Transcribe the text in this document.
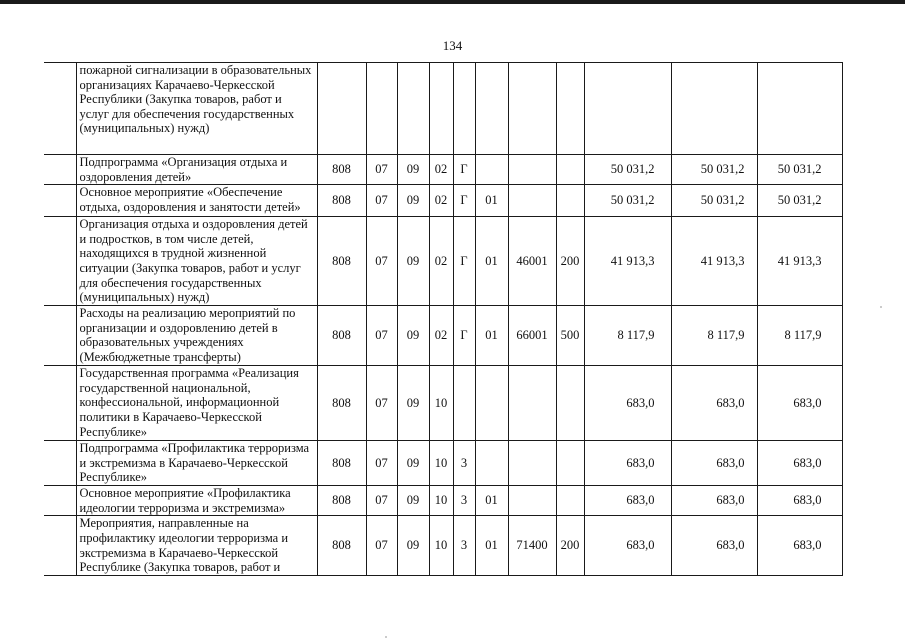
134
	пожарной сигнализации в образовательных организациях Карачаево-Черкесской Республики (Закупка товаров, работ и услуг для обеспечения государственных (муниципальных) нужд)											
	Подпрограмма «Организация отдыха и оздоровления детей»	808	07	09	02	Г				50 031,2	50 031,2	50 031,2
	Основное мероприятие «Обеспечение отдыха, оздоровления и занятости детей»	808	07	09	02	Г	01			50 031,2	50 031,2	50 031,2
	Организация отдыха и оздоровления детей и подростков, в том числе детей, находящихся в трудной жизненной ситуации (Закупка товаров, работ и услуг для обеспечения государственных (муниципальных) нужд)	808	07	09	02	Г	01	46001	200	41 913,3	41 913,3	41 913,3
	Расходы на реализацию мероприятий по организации и оздоровлению детей в образовательных учреждениях (Межбюджетные трансферты)	808	07	09	02	Г	01	66001	500	8 117,9	8 117,9	8 117,9
	Государственная программа «Реализация государственной национальной, конфессиональной, информационной политики в Карачаево-Черкесской Республике»	808	07	09	10					683,0	683,0	683,0
	Подпрограмма «Профилактика терроризма и экстремизма в Карачаево-Черкесской Республике»	808	07	09	10	3				683,0	683,0	683,0
	Основное мероприятие «Профилактика идеологии терроризма и экстремизма»	808	07	09	10	3	01			683,0	683,0	683,0
	Мероприятия, направленные на профилактику идеологии терроризма и экстремизма в Карачаево-Черкесской Республике (Закупка товаров, работ и	808	07	09	10	3	01	71400	200	683,0	683,0	683,0
